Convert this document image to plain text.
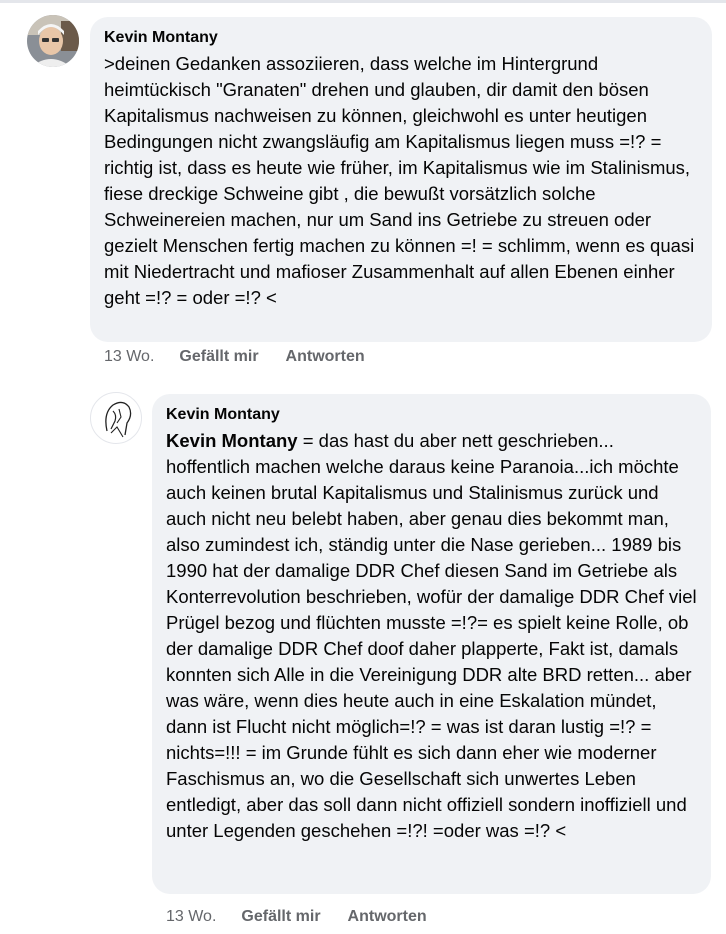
Kevin Montany
>deinen Gedanken assoziieren, dass welche im Hintergrund heimtückisch "Granaten" drehen und glauben, dir damit den bösen Kapitalismus nachweisen zu können, gleichwohl es unter heutigen Bedingungen nicht zwangsläufig am Kapitalismus liegen muss =!? = richtig ist, dass es heute wie früher, im Kapitalismus wie im Stalinismus, fiese dreckige Schweine gibt , die bewußt vorsätzlich solche Schweinereien machen, nur um Sand ins Getriebe zu streuen oder gezielt Menschen fertig machen zu können =! = schlimm, wenn es quasi mit Niedertracht und mafioser Zusammenhalt auf allen Ebenen einher geht =!? = oder =!? <
13 Wo. Gefällt mir Antworten
Kevin Montany
Kevin Montany = das hast du aber nett geschrieben... hoffentlich machen welche daraus keine Paranoia...ich möchte auch keinen brutal Kapitalismus und Stalinismus zurück und auch nicht neu belebt haben, aber genau dies bekommt man, also zumindest ich, ständig unter die Nase gerieben... 1989 bis 1990 hat der damalige DDR Chef diesen Sand im Getriebe als Konterrevolution beschrieben, wofür der damalige DDR Chef viel Prügel bezog und flüchten musste =!?= es spielt keine Rolle, ob der damalige DDR Chef doof daher plapperte, Fakt ist, damals konnten sich Alle in die Vereinigung DDR alte BRD retten... aber was wäre, wenn dies heute auch in eine Eskalation mündet, dann ist Flucht nicht möglich=!? = was ist daran lustig =!? = nichts=!!! = im Grunde fühlt es sich dann eher wie moderner Faschismus an, wo die Gesellschaft sich unwertes Leben entledigt, aber das soll dann nicht offiziell sondern inoffiziell und unter Legenden geschehen =!?! =oder was =!? <
13 Wo. Gefällt mir Antworten
